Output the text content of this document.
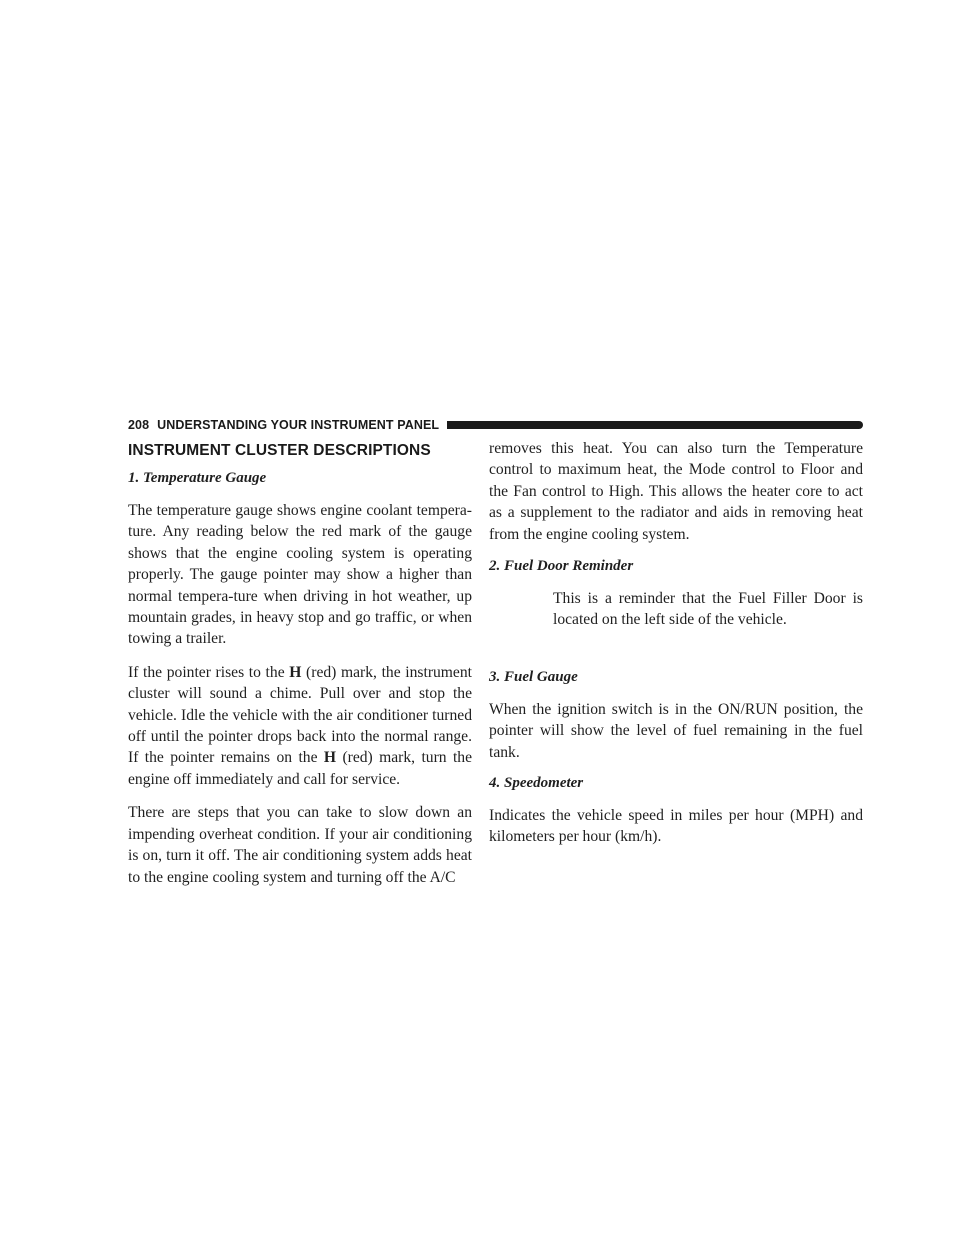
208 UNDERSTANDING YOUR INSTRUMENT PANEL
INSTRUMENT CLUSTER DESCRIPTIONS
1. Temperature Gauge

The temperature gauge shows engine coolant tempera-ture. Any reading below the red mark of the gauge shows that the engine cooling system is operating properly. The gauge pointer may show a higher than normal tempera-ture when driving in hot weather, up mountain grades, in heavy stop and go traffic, or when towing a trailer.

If the pointer rises to the H (red) mark, the instrument cluster will sound a chime. Pull over and stop the vehicle. Idle the vehicle with the air conditioner turned off until the pointer drops back into the normal range. If the pointer remains on the H (red) mark, turn the engine off immediately and call for service.

There are steps that you can take to slow down an impending overheat condition. If your air conditioning is on, turn it off. The air conditioning system adds heat to the engine cooling system and turning off the A/C

removes this heat. You can also turn the Temperature control to maximum heat, the Mode control to Floor and the Fan control to High. This allows the heater core to act as a supplement to the radiator and aids in removing heat from the engine cooling system.

2. Fuel Door Reminder

This is a reminder that the Fuel Filler Door is located on the left side of the vehicle.

3. Fuel Gauge

When the ignition switch is in the ON/RUN position, the pointer will show the level of fuel remaining in the fuel tank.

4. Speedometer

Indicates the vehicle speed in miles per hour (MPH) and kilometers per hour (km/h).
